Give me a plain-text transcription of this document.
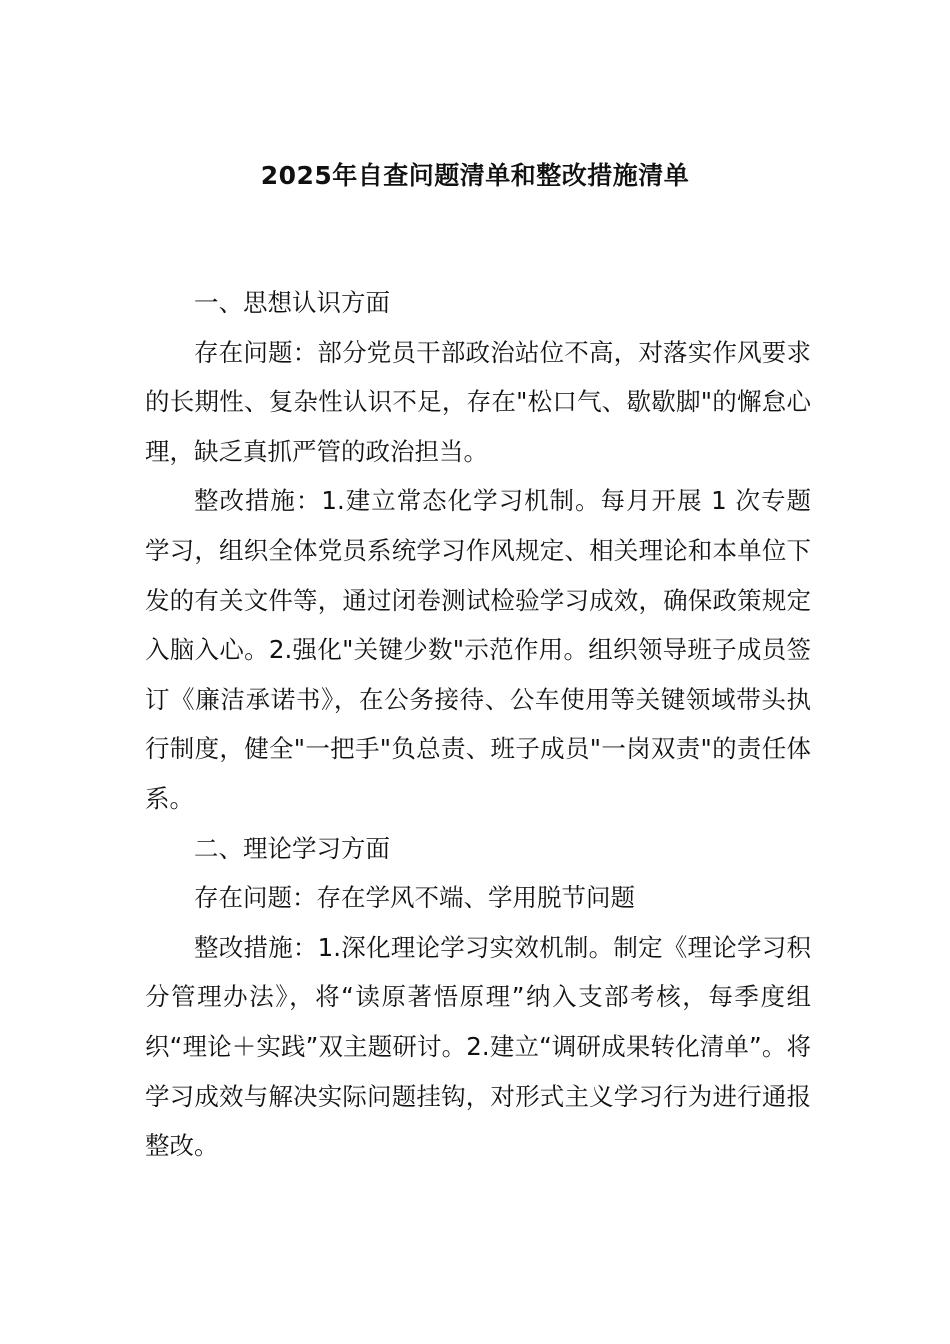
2025年自查问题清单和整改措施清单

一、思想认识方面

存在问题：部分党员干部政治站位不高，对落实作风要求的长期性、复杂性认识不足，存在"松口气、歇歇脚"的懈怠心理，缺乏真抓严管的政治担当。

整改措施：1.建立常态化学习机制。每月开展 1 次专题学习，组织全体党员系统学习作风规定、相关理论和本单位下发的有关文件等，通过闭卷测试检验学习成效，确保政策规定入脑入心。2.强化"关键少数"示范作用。组织领导班子成员签订《廉洁承诺书》，在公务接待、公车使用等关键领域带头执行制度，健全"一把手"负总责、班子成员"一岗双责"的责任体系。

二、理论学习方面

存在问题：存在学风不端、学用脱节问题

整改措施：1.深化理论学习实效机制。制定《理论学习积分管理办法》，将“读原著悟原理”纳入支部考核，每季度组织“理论＋实践”双主题研讨。2.建立“调研成果转化清单”。将学习成效与解决实际问题挂钩，对形式主义学习行为进行通报整改。
